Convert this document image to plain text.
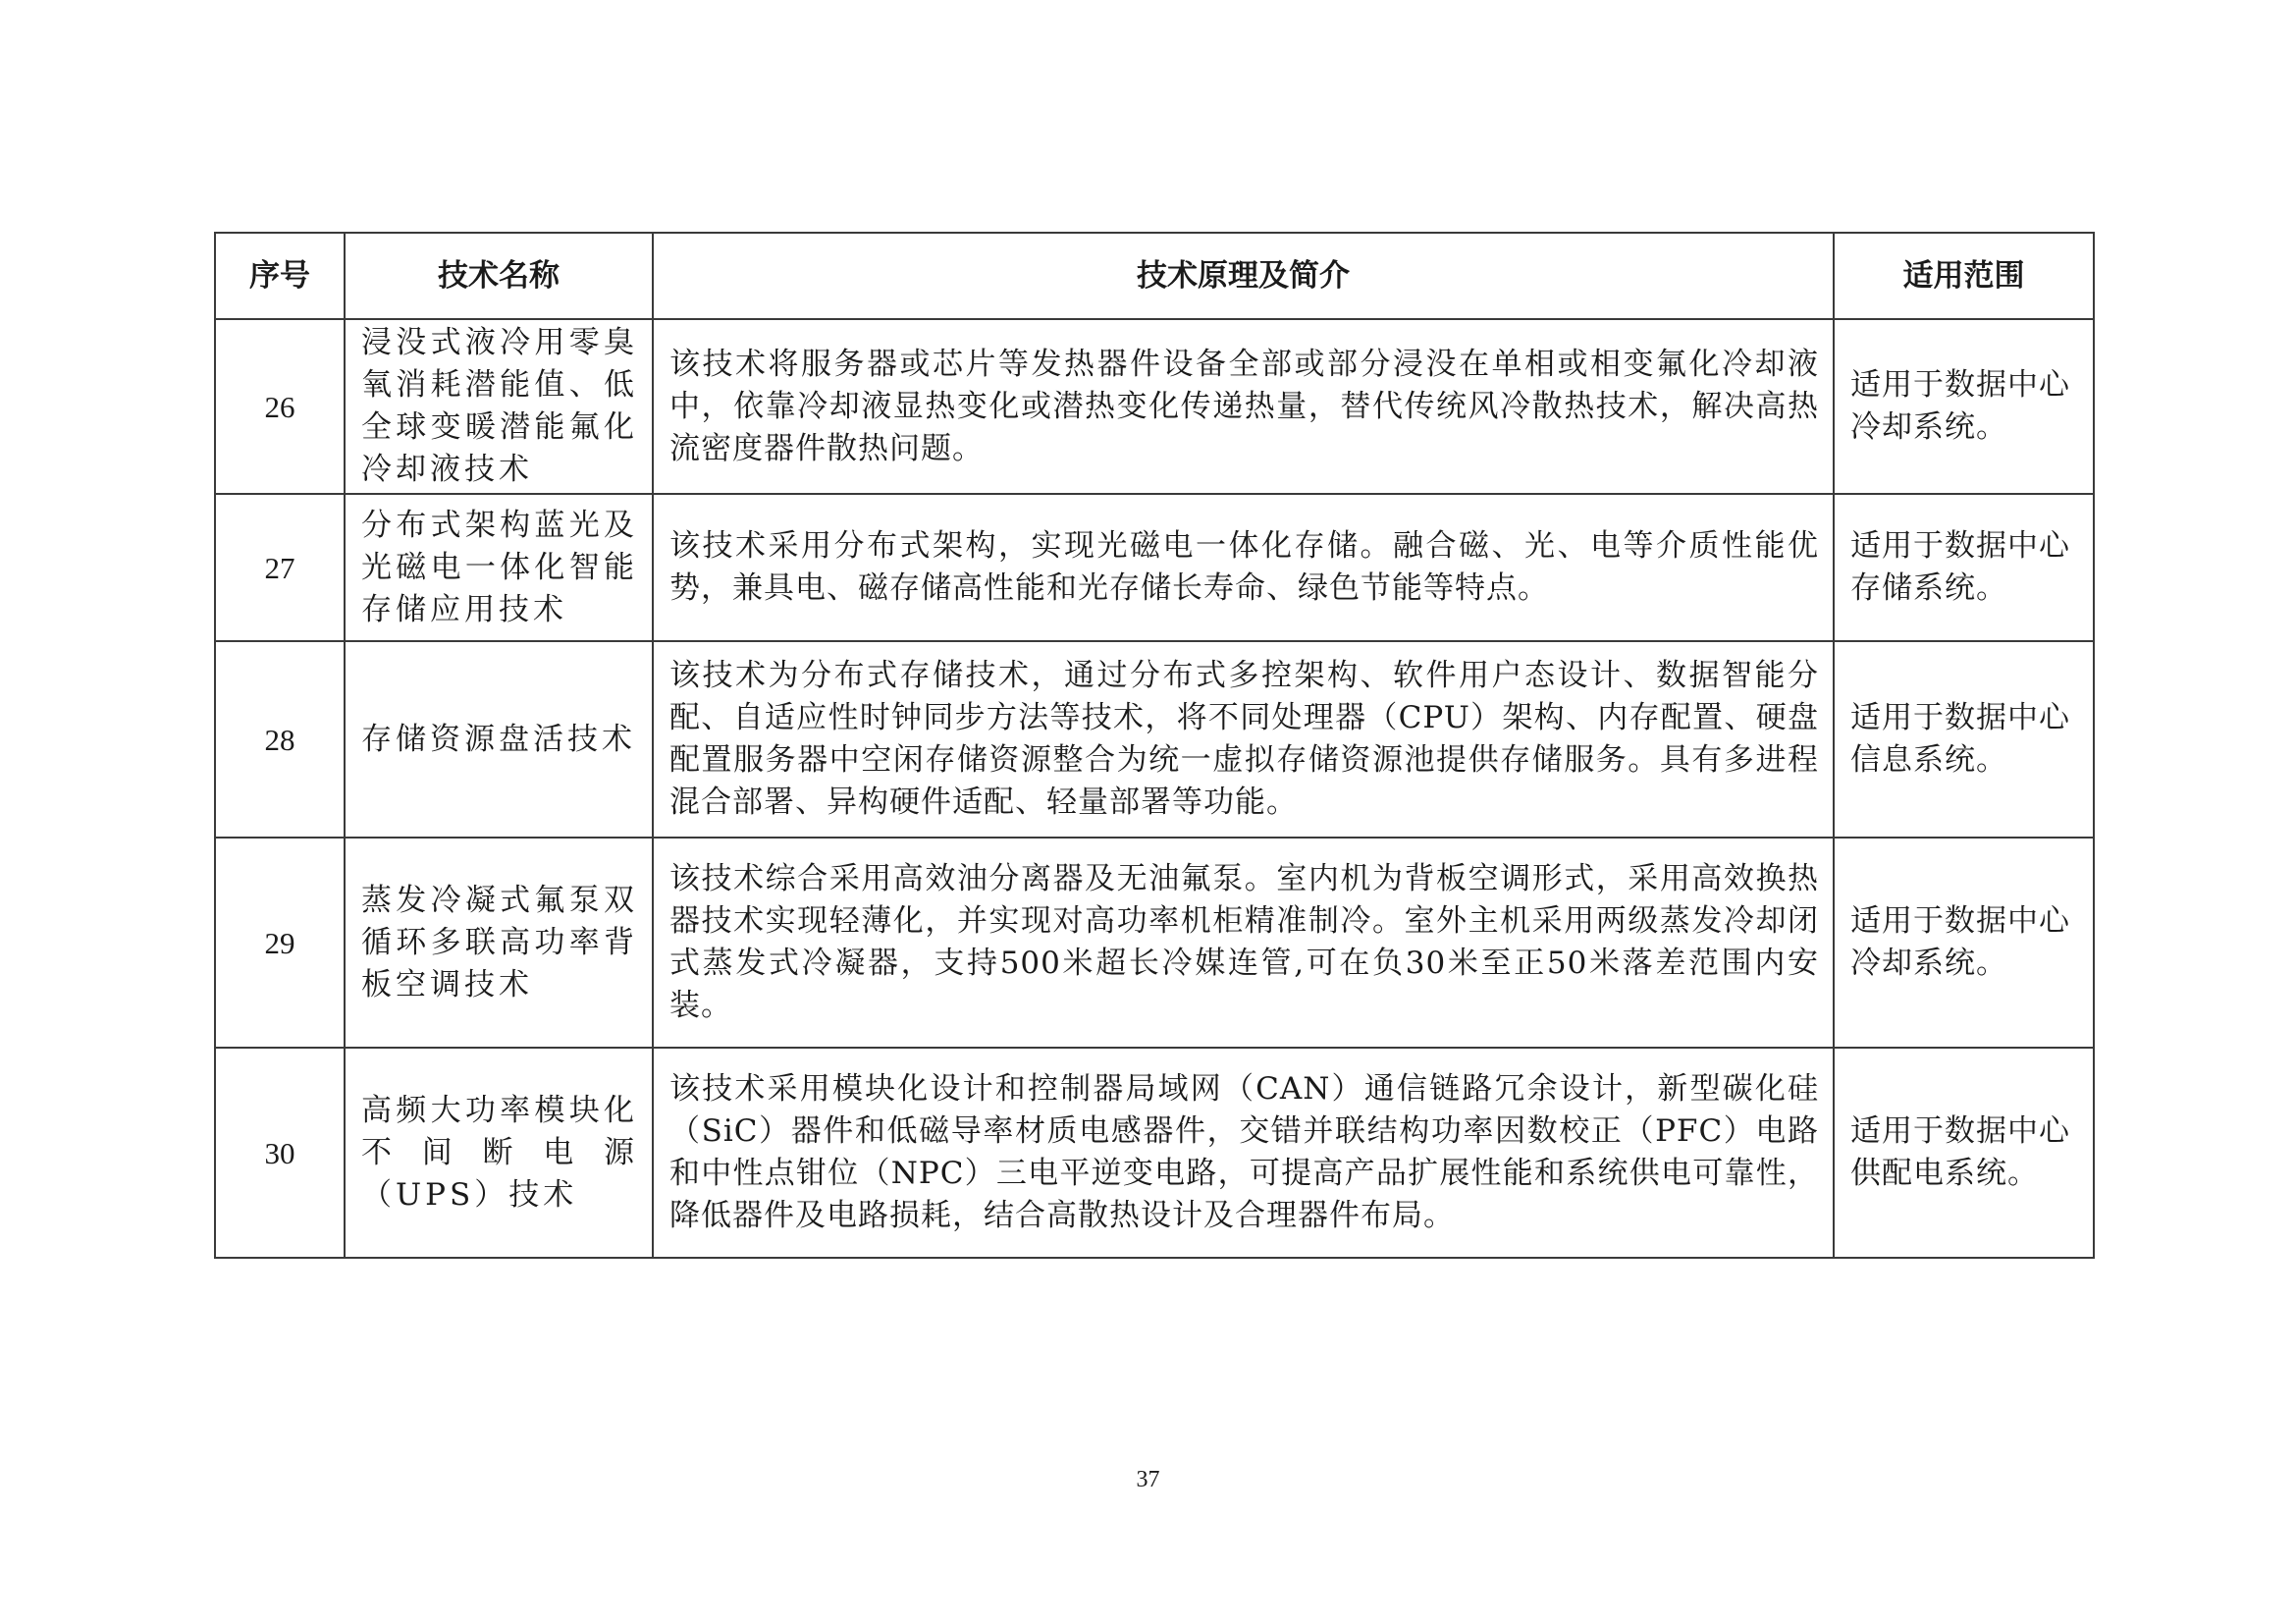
序号	技术名称	技术原理及简介	适用范围
26	浸没式液冷用零臭氧消耗潜能值、低全球变暖潜能氟化冷却液技术	该技术将服务器或芯片等发热器件设备全部或部分浸没在单相或相变氟化冷却液中，依靠冷却液显热变化或潜热变化传递热量，替代传统风冷散热技术，解决高热流密度器件散热问题。	适用于数据中心冷却系统。
27	分布式架构蓝光及光磁电一体化智能存储应用技术	该技术采用分布式架构，实现光磁电一体化存储。融合磁、光、电等介质性能优势，兼具电、磁存储高性能和光存储长寿命、绿色节能等特点。	适用于数据中心存储系统。
28	存储资源盘活技术	该技术为分布式存储技术，通过分布式多控架构、软件用户态设计、数据智能分配、自适应性时钟同步方法等技术，将不同处理器（CPU）架构、内存配置、硬盘配置服务器中空闲存储资源整合为统一虚拟存储资源池提供存储服务。具有多进程混合部署、异构硬件适配、轻量部署等功能。	适用于数据中心信息系统。
29	蒸发冷凝式氟泵双循环多联高功率背板空调技术	该技术综合采用高效油分离器及无油氟泵。室内机为背板空调形式，采用高效换热器技术实现轻薄化，并实现对高功率机柜精准制冷。室外主机采用两级蒸发冷却闭式蒸发式冷凝器，支持500米超长冷媒连管,可在负30米至正50米落差范围内安装。	适用于数据中心冷却系统。
30	高频大功率模块化不间断电源（UPS）技术	该技术采用模块化设计和控制器局域网（CAN）通信链路冗余设计，新型碳化硅（SiC）器件和低磁导率材质电感器件，交错并联结构功率因数校正（PFC）电路和中性点钳位（NPC）三电平逆变电路，可提高产品扩展性能和系统供电可靠性，降低器件及电路损耗，结合高散热设计及合理器件布局。	适用于数据中心供配电系统。
37
